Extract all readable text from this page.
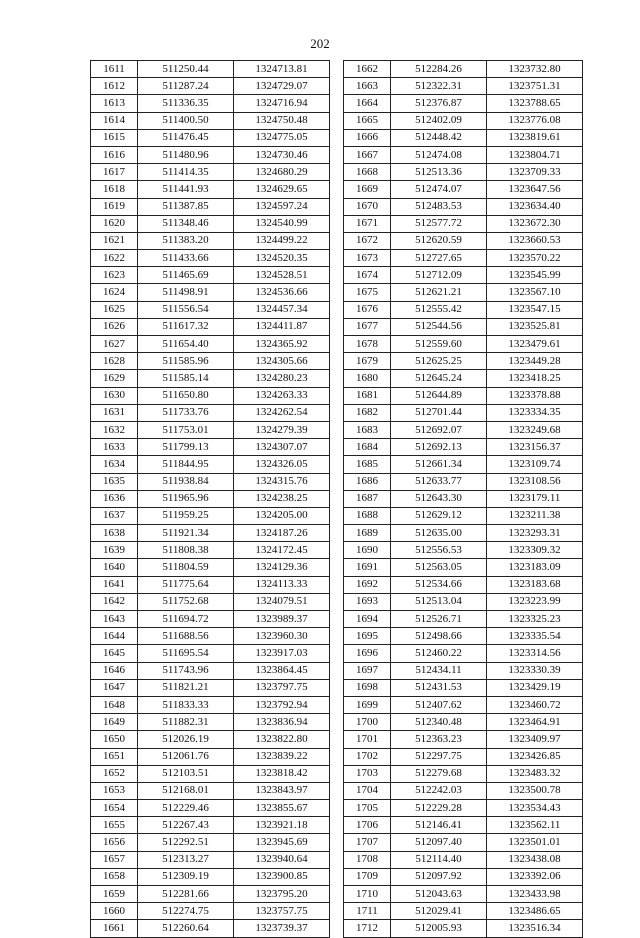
202
1611	511250.44	1324713.81
1612	511287.24	1324729.07
1613	511336.35	1324716.94
1614	511400.50	1324750.48
1615	511476.45	1324775.05
1616	511480.96	1324730.46
1617	511414.35	1324680.29
1618	511441.93	1324629.65
1619	511387.85	1324597.24
1620	511348.46	1324540.99
1621	511383.20	1324499.22
1622	511433.66	1324520.35
1623	511465.69	1324528.51
1624	511498.91	1324536.66
1625	511556.54	1324457.34
1626	511617.32	1324411.87
1627	511654.40	1324365.92
1628	511585.96	1324305.66
1629	511585.14	1324280.23
1630	511650.80	1324263.33
1631	511733.76	1324262.54
1632	511753.01	1324279.39
1633	511799.13	1324307.07
1634	511844.95	1324326.05
1635	511938.84	1324315.76
1636	511965.96	1324238.25
1637	511959.25	1324205.00
1638	511921.34	1324187.26
1639	511808.38	1324172.45
1640	511804.59	1324129.36
1641	511775.64	1324113.33
1642	511752.68	1324079.51
1643	511694.72	1323989.37
1644	511688.56	1323960.30
1645	511695.54	1323917.03
1646	511743.96	1323864.45
1647	511821.21	1323797.75
1648	511833.33	1323792.94
1649	511882.31	1323836.94
1650	512026.19	1323822.80
1651	512061.76	1323839.22
1652	512103.51	1323818.42
1653	512168.01	1323843.97
1654	512229.46	1323855.67
1655	512267.43	1323921.18
1656	512292.51	1323945.69
1657	512313.27	1323940.64
1658	512309.19	1323900.85
1659	512281.66	1323795.20
1660	512274.75	1323757.75
1661	512260.64	1323739.37
1662	512284.26	1323732.80
1663	512322.31	1323751.31
1664	512376.87	1323788.65
1665	512402.09	1323776.08
1666	512448.42	1323819.61
1667	512474.08	1323804.71
1668	512513.36	1323709.33
1669	512474.07	1323647.56
1670	512483.53	1323634.40
1671	512577.72	1323672.30
1672	512620.59	1323660.53
1673	512727.65	1323570.22
1674	512712.09	1323545.99
1675	512621.21	1323567.10
1676	512555.42	1323547.15
1677	512544.56	1323525.81
1678	512559.60	1323479.61
1679	512625.25	1323449.28
1680	512645.24	1323418.25
1681	512644.89	1323378.88
1682	512701.44	1323334.35
1683	512692.07	1323249.68
1684	512692.13	1323156.37
1685	512661.34	1323109.74
1686	512633.77	1323108.56
1687	512643.30	1323179.11
1688	512629.12	1323211.38
1689	512635.00	1323293.31
1690	512556.53	1323309.32
1691	512563.05	1323183.09
1692	512534.66	1323183.68
1693	512513.04	1323223.99
1694	512526.71	1323325.23
1695	512498.66	1323335.54
1696	512460.22	1323314.56
1697	512434.11	1323330.39
1698	512431.53	1323429.19
1699	512407.62	1323460.72
1700	512340.48	1323464.91
1701	512363.23	1323409.97
1702	512297.75	1323426.85
1703	512279.68	1323483.32
1704	512242.03	1323500.78
1705	512229.28	1323534.43
1706	512146.41	1323562.11
1707	512097.40	1323501.01
1708	512114.40	1323438.08
1709	512097.92	1323392.06
1710	512043.63	1323433.98
1711	512029.41	1323486.65
1712	512005.93	1323516.34
